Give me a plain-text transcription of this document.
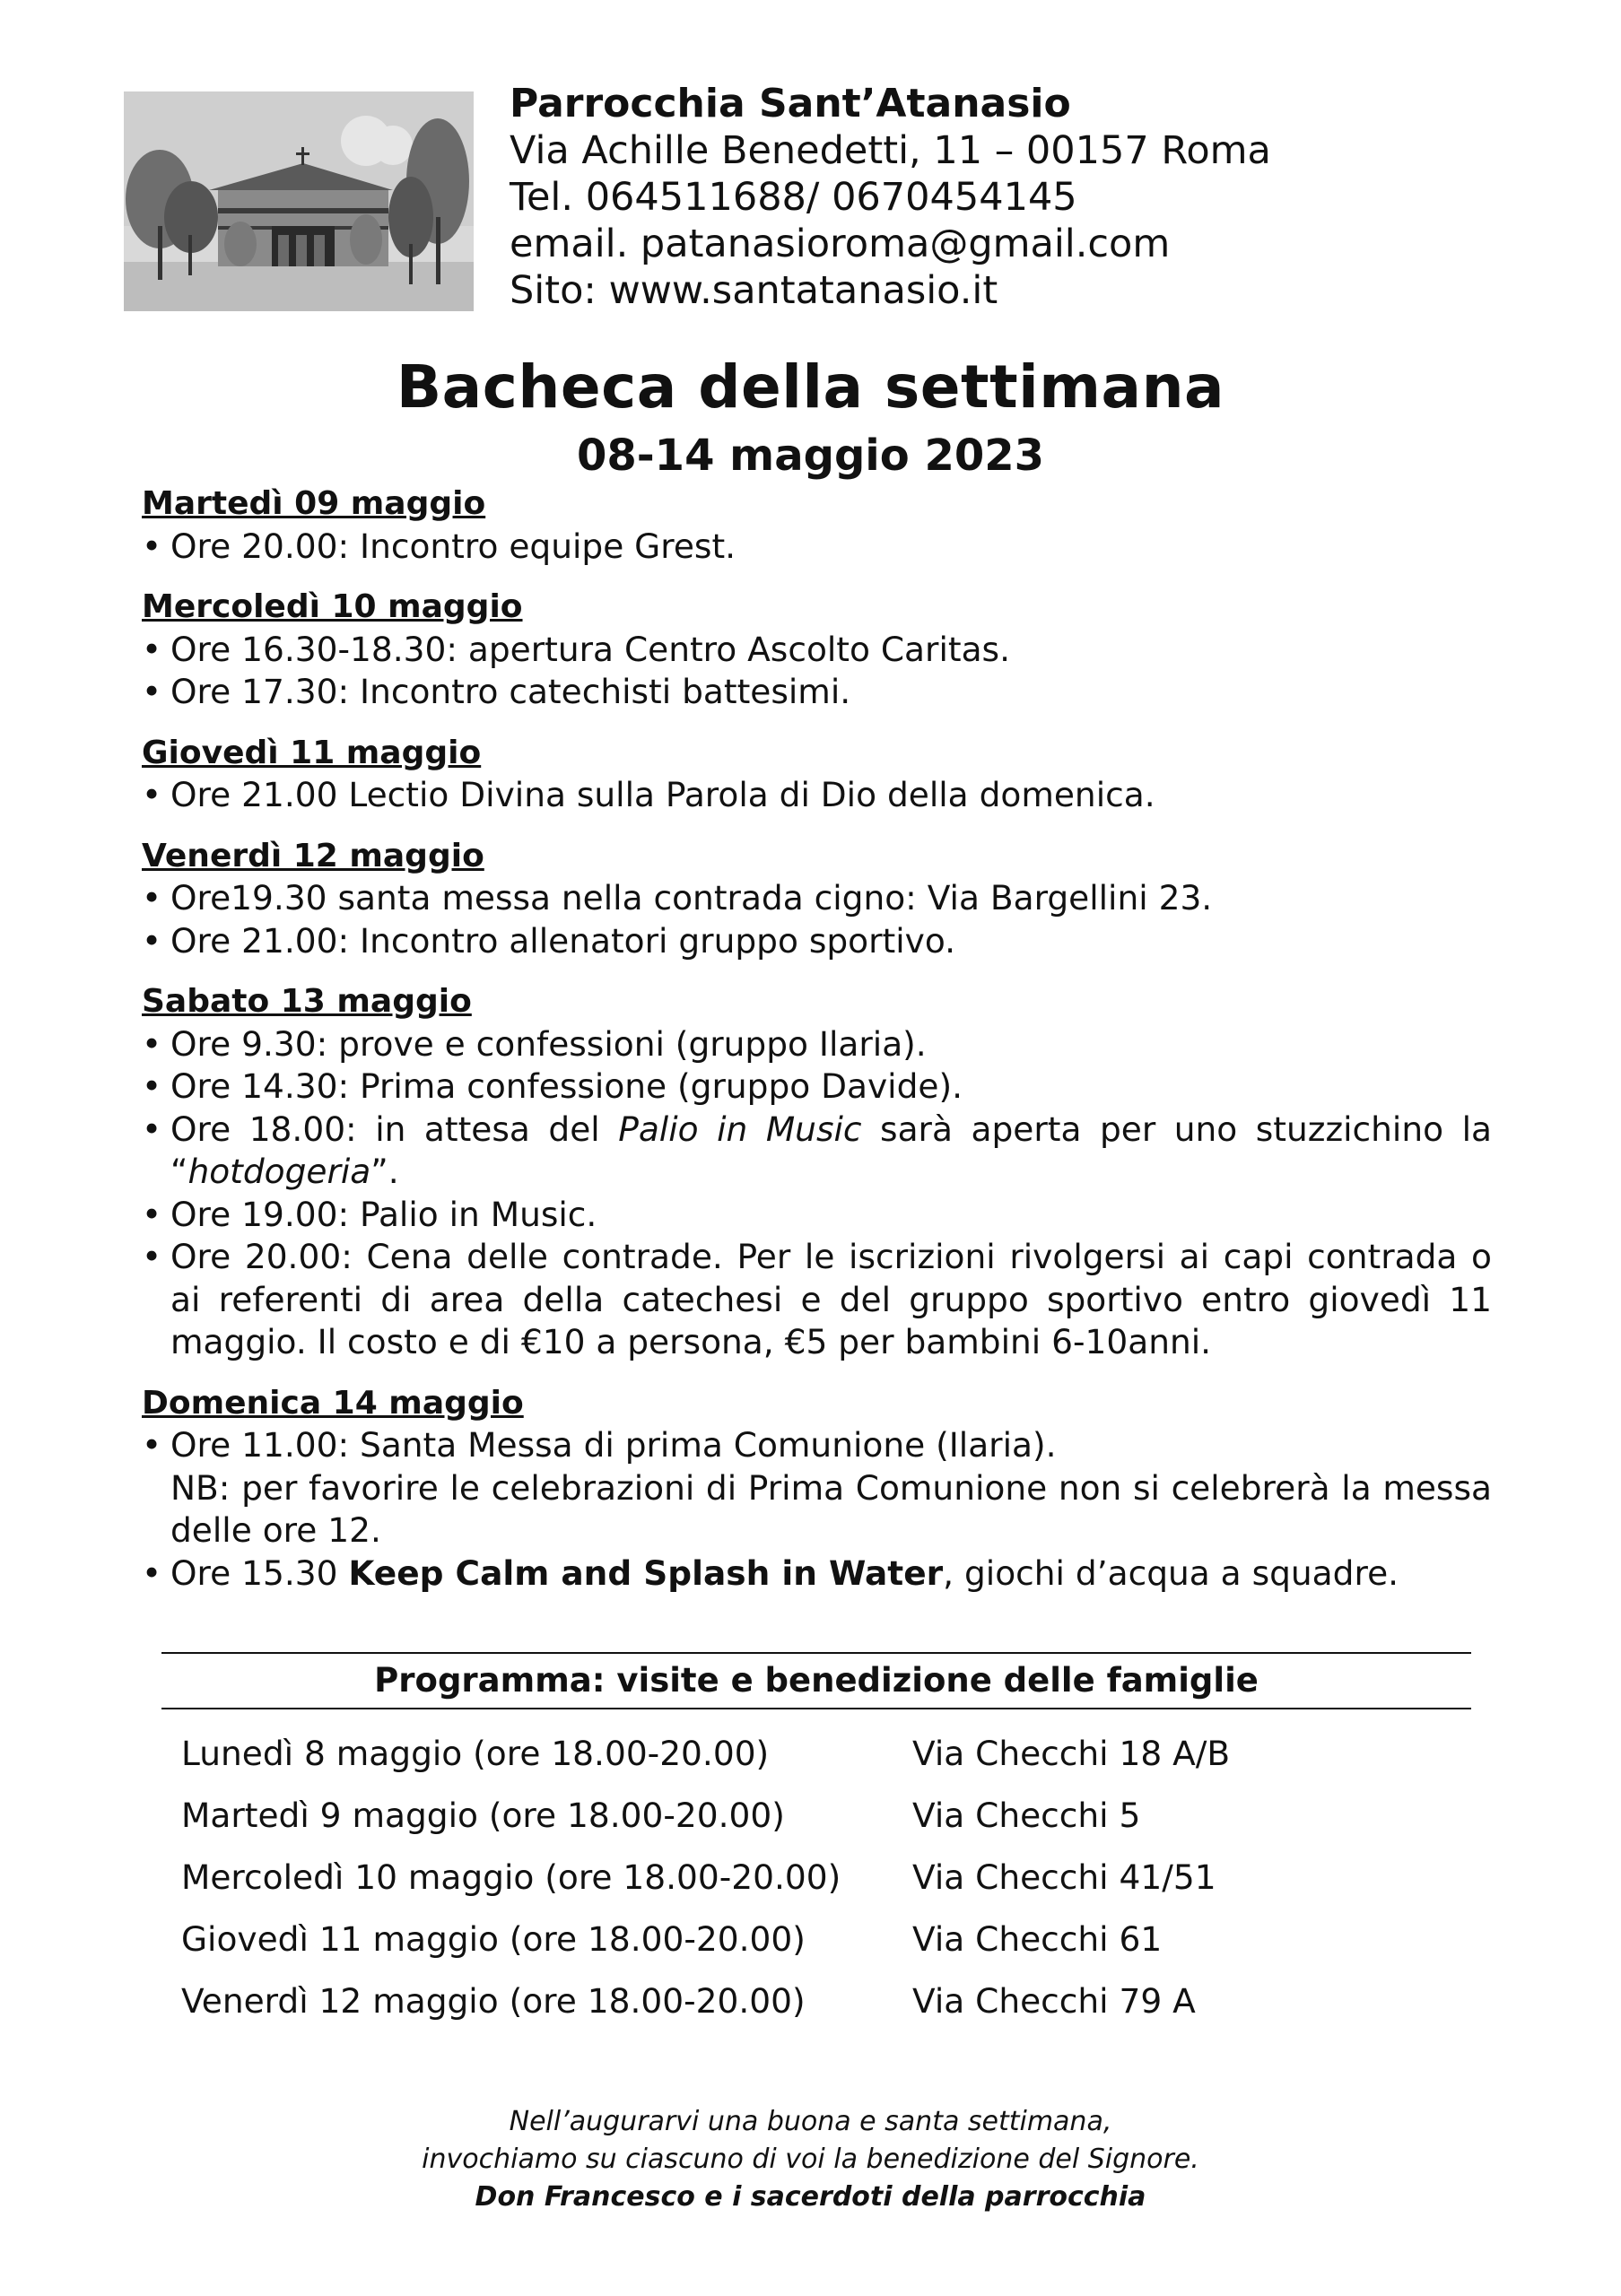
Parrocchia Sant’Atanasio
Via Achille Benedetti, 11 – 00157 Roma
Tel. 064511688/ 0670454145
email. patanasioroma@gmail.com
Sito: www.santatanasio.it
Bacheca della settimana
08-14 maggio 2023
Martedì 09 maggio
• Ore 20.00: Incontro equipe Grest.
Mercoledì 10 maggio
• Ore 16.30-18.30: apertura Centro Ascolto Caritas.
• Ore 17.30: Incontro catechisti battesimi.
Giovedì 11 maggio
• Ore 21.00 Lectio Divina sulla Parola di Dio della domenica.
Venerdì 12 maggio
• Ore19.30 santa messa nella contrada cigno: Via Bargellini 23.
• Ore 21.00: Incontro allenatori gruppo sportivo.
Sabato 13 maggio
• Ore 9.30: prove e confessioni (gruppo Ilaria).
• Ore 14.30: Prima confessione (gruppo Davide).
• Ore 18.00: in attesa del Palio in Music sarà aperta per uno stuzzichino la “hotdogeria”.
• Ore 19.00: Palio in Music.
• Ore 20.00: Cena delle contrade. Per le iscrizioni rivolgersi ai capi contrada o ai referenti di area della catechesi e del gruppo sportivo entro giovedì 11 maggio. Il costo e di €10 a persona, €5 per bambini 6-10anni.
Domenica 14 maggio
• Ore 11.00: Santa Messa di prima Comunione (Ilaria).
NB: per favorire le celebrazioni di Prima Comunione non si celebrerà la messa delle ore 12.
• Ore 15.30 Keep Calm and Splash in Water, giochi d’acqua a squadre.
Programma: visite e benedizione delle famiglie
Lunedì 8 maggio (ore 18.00-20.00)	Via Checchi 18 A/B
Martedì 9 maggio (ore 18.00-20.00)	Via Checchi 5
Mercoledì 10 maggio (ore 18.00-20.00)	Via Checchi 41/51
Giovedì 11 maggio (ore 18.00-20.00)	Via Checchi 61
Venerdì 12 maggio (ore 18.00-20.00)	Via Checchi 79 A
Nell’augurarvi una buona e santa settimana,
invochiamo su ciascuno di voi la benedizione del Signore.
Don Francesco e i sacerdoti della parrocchia
